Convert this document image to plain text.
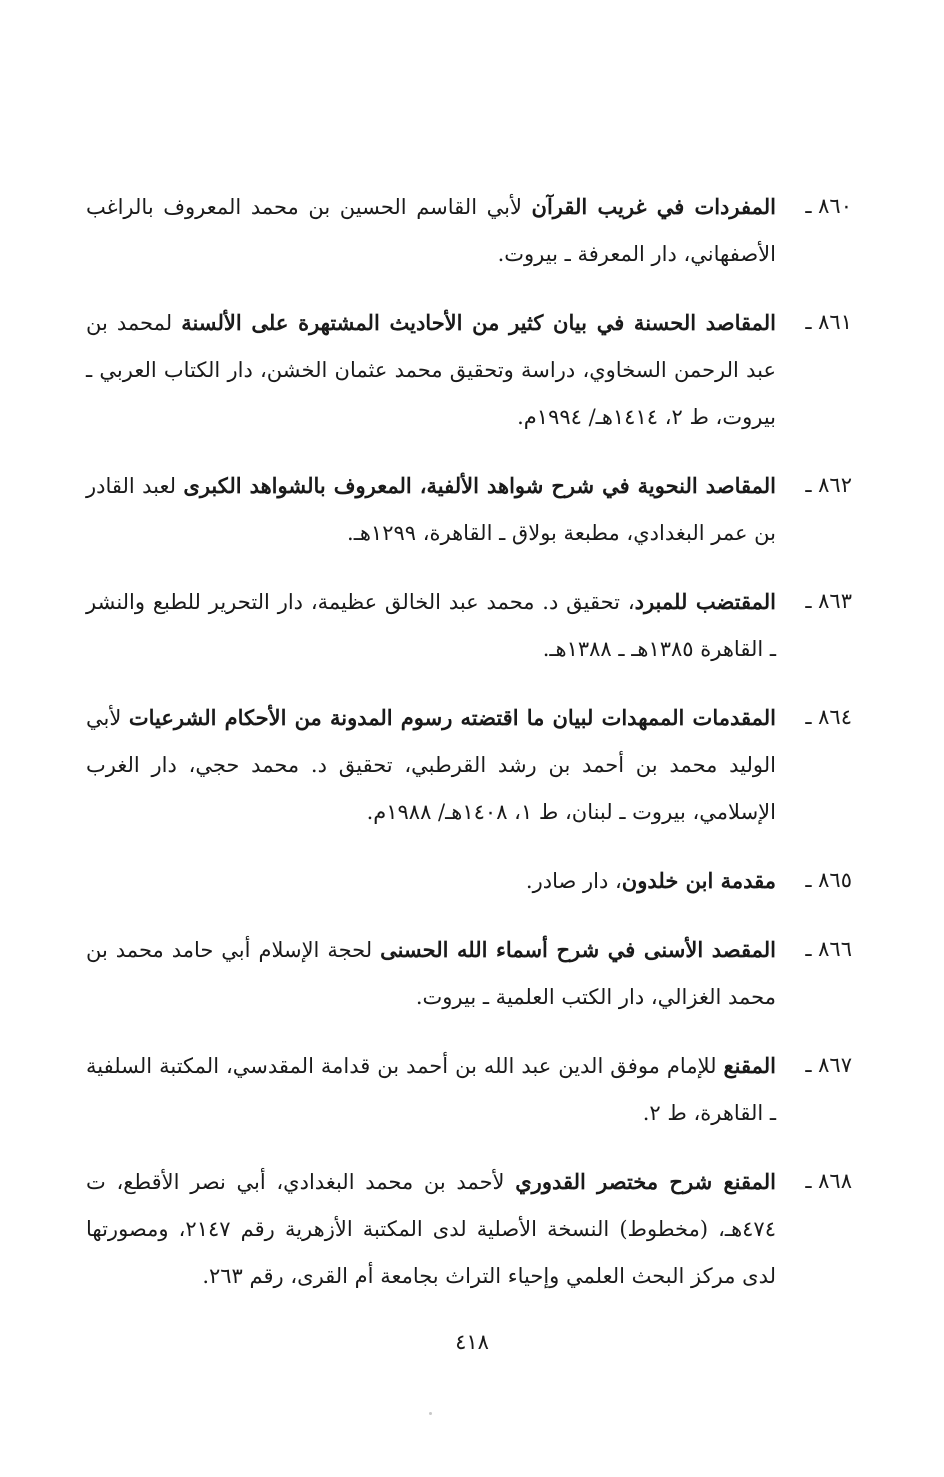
٨٦٠ ـ
المفردات في غريب القرآن لأبي القاسم الحسين بن محمد المعروف بالراغب الأصفهاني، دار المعرفة ـ بيروت.

٨٦١ ـ
المقاصد الحسنة في بيان كثير من الأحاديث المشتهرة على الألسنة لمحمد بن عبد الرحمن السخاوي، دراسة وتحقيق محمد عثمان الخشن، دار الكتاب العربي ـ بيروت، ط ٢، ١٤١٤هـ/ ١٩٩٤م.

٨٦٢ ـ
المقاصد النحوية في شرح شواهد الألفية، المعروف بالشواهد الكبرى لعبد القادر بن عمر البغدادي، مطبعة بولاق ـ القاهرة، ١٢٩٩هـ.

٨٦٣ ـ
المقتضب للمبرد، تحقيق د. محمد عبد الخالق عظيمة، دار التحرير للطبع والنشر ـ القاهرة ١٣٨٥هـ ـ ١٣٨٨هـ.

٨٦٤ ـ
المقدمات الممهدات لبيان ما اقتضته رسوم المدونة من الأحكام الشرعيات لأبي الوليد محمد بن أحمد بن رشد القرطبي، تحقيق د. محمد حجي، دار الغرب الإسلامي، بيروت ـ لبنان، ط ١، ١٤٠٨هـ/ ١٩٨٨م.

٨٦٥ ـ
مقدمة ابن خلدون، دار صادر.

٨٦٦ ـ
المقصد الأسنى في شرح أسماء الله الحسنى لحجة الإسلام أبي حامد محمد بن محمد الغزالي، دار الكتب العلمية ـ بيروت.

٨٦٧ ـ
المقنع للإمام موفق الدين عبد الله بن أحمد بن قدامة المقدسي، المكتبة السلفية ـ القاهرة، ط ٢.

٨٦٨ ـ
المقنع شرح مختصر القدوري لأحمد بن محمد البغدادي، أبي نصر الأقطع، ت ٤٧٤هـ، (مخطوط) النسخة الأصلية لدى المكتبة الأزهرية رقم ٢١٤٧، ومصورتها لدى مركز البحث العلمي وإحياء التراث بجامعة أم القرى، رقم ٢٦٣.

٤١٨
